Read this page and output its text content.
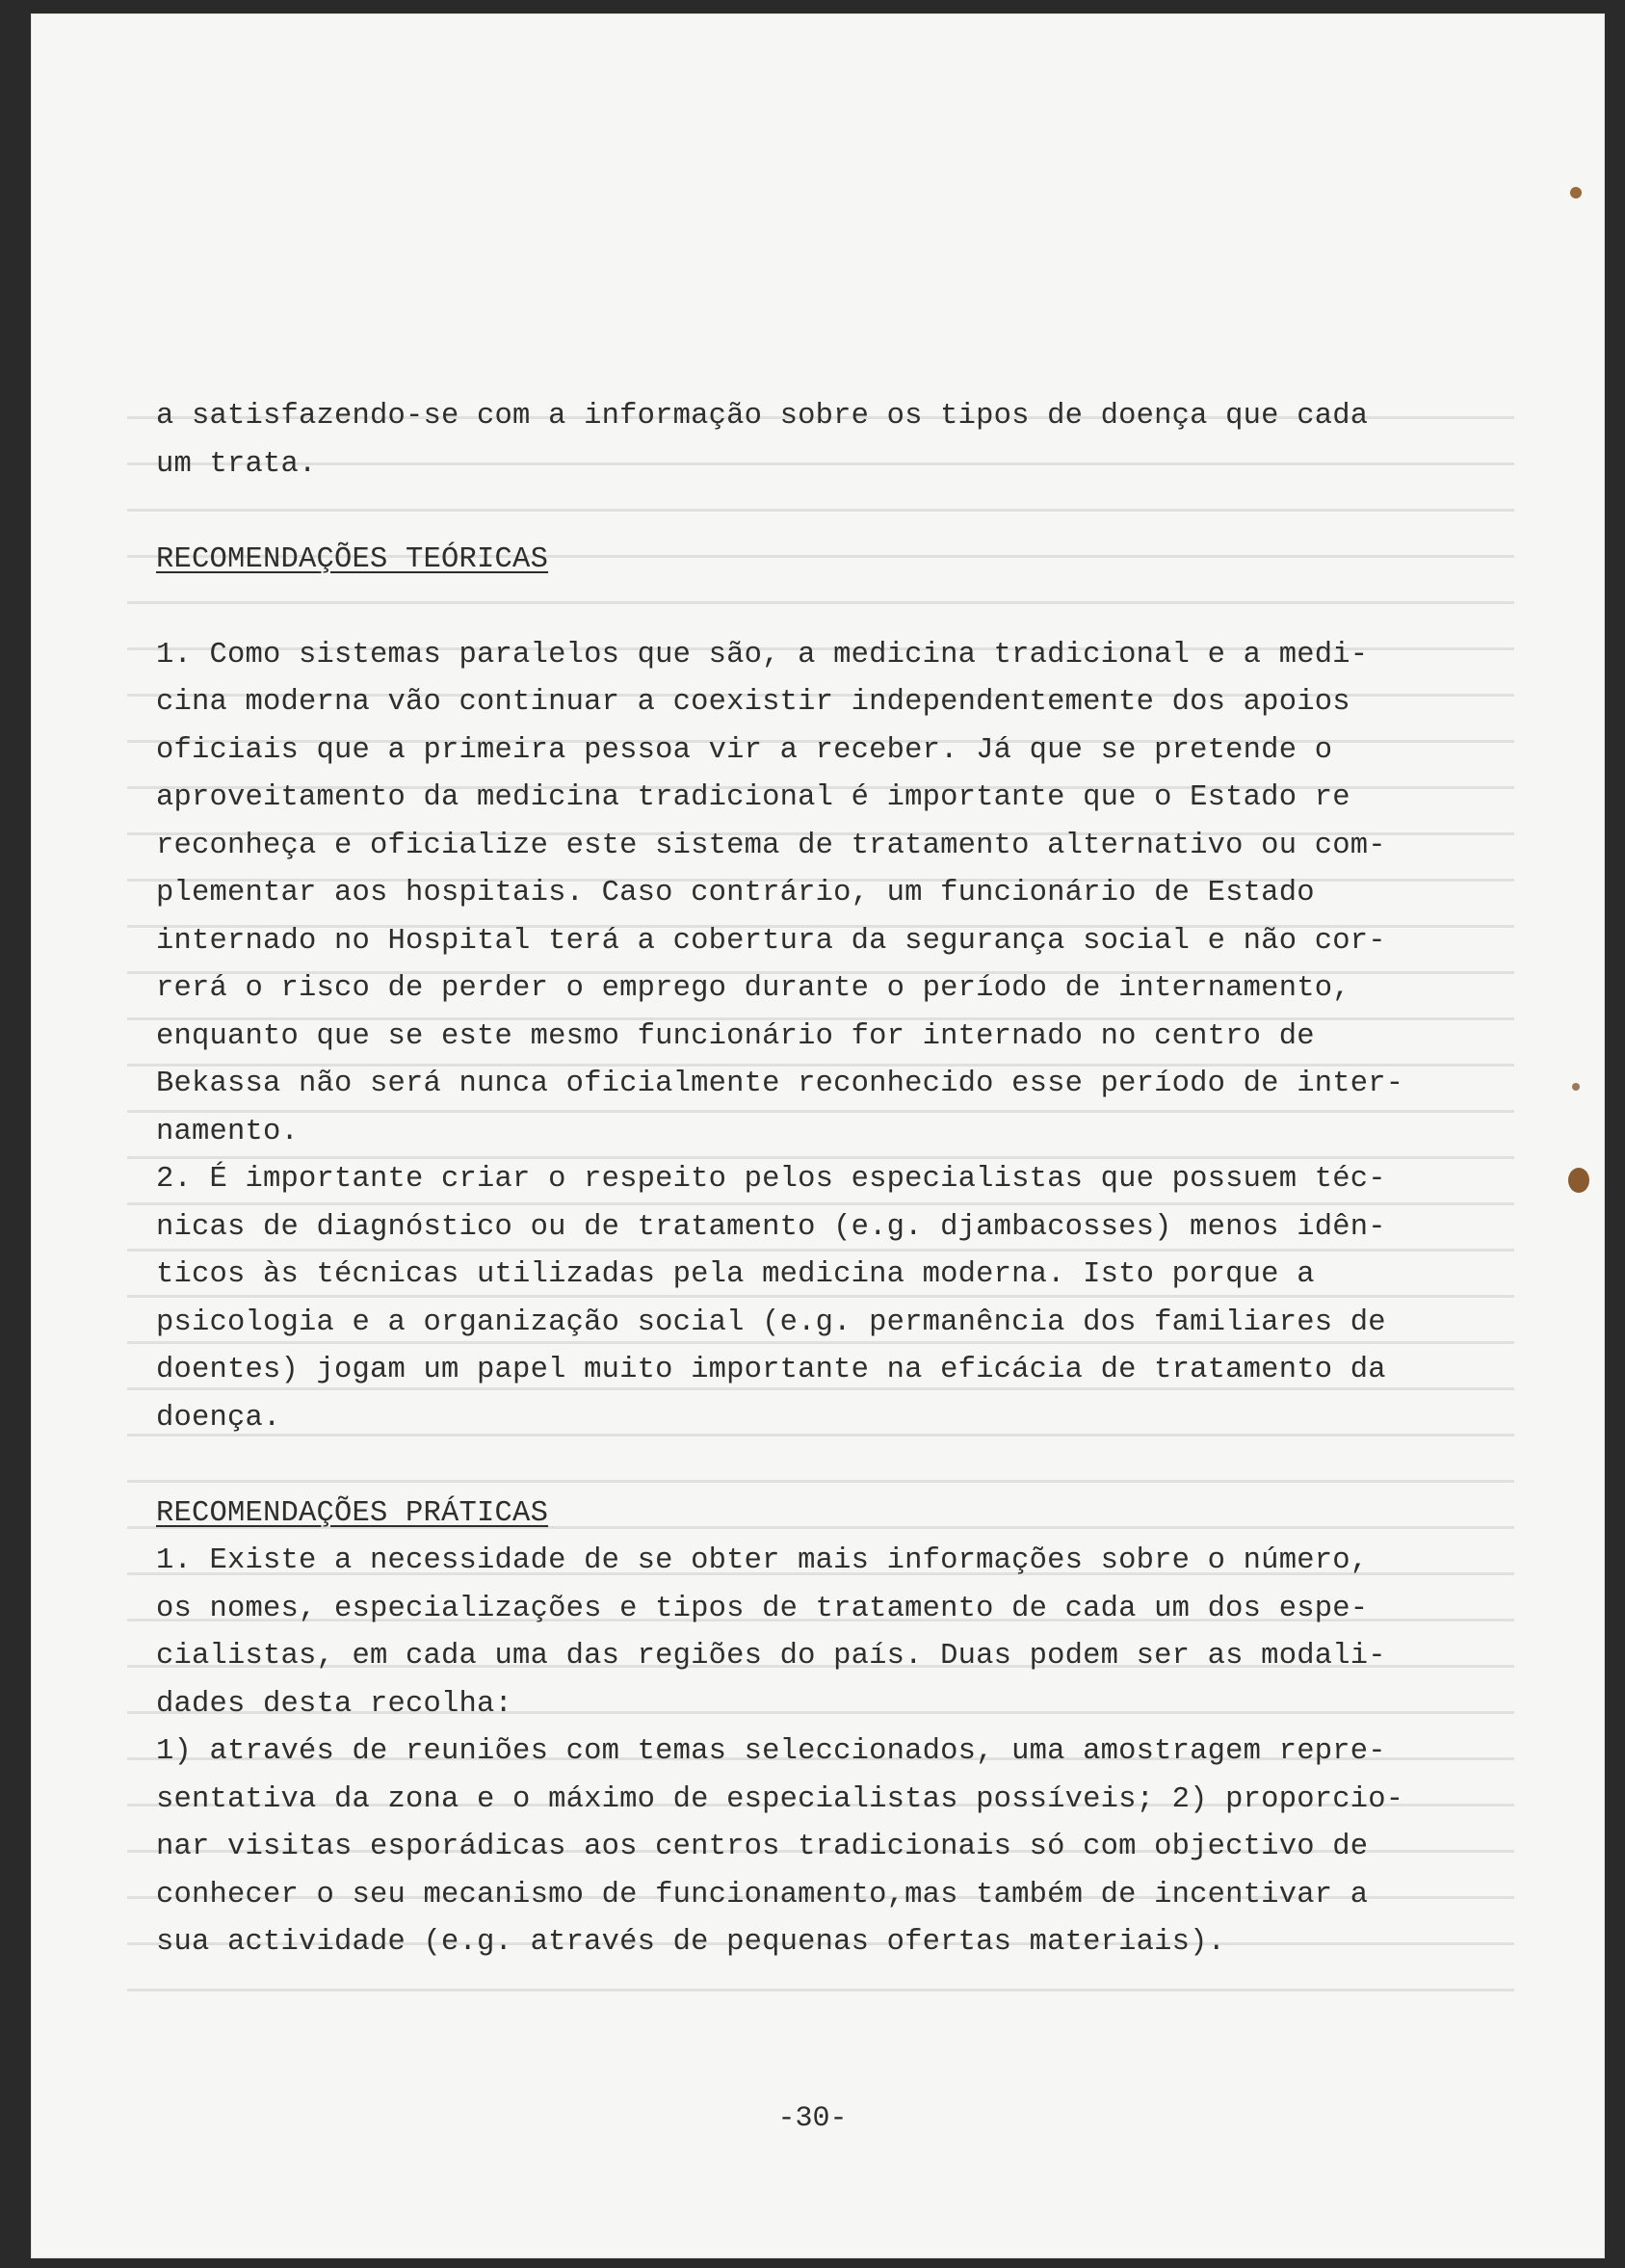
a satisfazendo-se com a informação sobre os tipos de doença que cada

um trata.

RECOMENDAÇÕES TEÓRICAS

1. Como sistemas paralelos que são, a medicina tradicional e a medi-

cina moderna vão continuar a coexistir independentemente dos apoios

oficiais que a primeira pessoa vir a receber. Já que se pretende o

aproveitamento da medicina tradicional é importante que o Estado re

reconheça e oficialize este sistema de tratamento alternativo ou com-

plementar aos hospitais. Caso contrário, um funcionário de Estado

internado no Hospital terá a cobertura da segurança social e não cor-

rerá o risco de perder o emprego durante o período de internamento,

enquanto que se este mesmo funcionário for internado no centro de

Bekassa não será nunca oficialmente reconhecido esse período de inter-

namento.

2. É importante criar o respeito pelos especialistas que possuem téc-

nicas de diagnóstico ou de tratamento (e.g. djambacosses) menos idên-

ticos às técnicas utilizadas pela medicina moderna. Isto porque a

psicologia e a organização social (e.g. permanência dos familiares de

doentes) jogam um papel muito importante na eficácia de tratamento da

doença.

RECOMENDAÇÕES PRÁTICAS

1. Existe a necessidade de se obter mais informações sobre o número,

os nomes, especializações e tipos de tratamento de cada um dos espe-

cialistas, em cada uma das regiões do país. Duas podem ser as modali-

dades desta recolha:

1) através de reuniões com temas seleccionados, uma amostragem repre-

sentativa da zona e o máximo de especialistas possíveis; 2) proporcio-

nar visitas esporádicas aos centros tradicionais só com objectivo de

conhecer o seu mecanismo de funcionamento,mas também de incentivar a

sua actividade (e.g. através de pequenas ofertas materiais).

-30-
